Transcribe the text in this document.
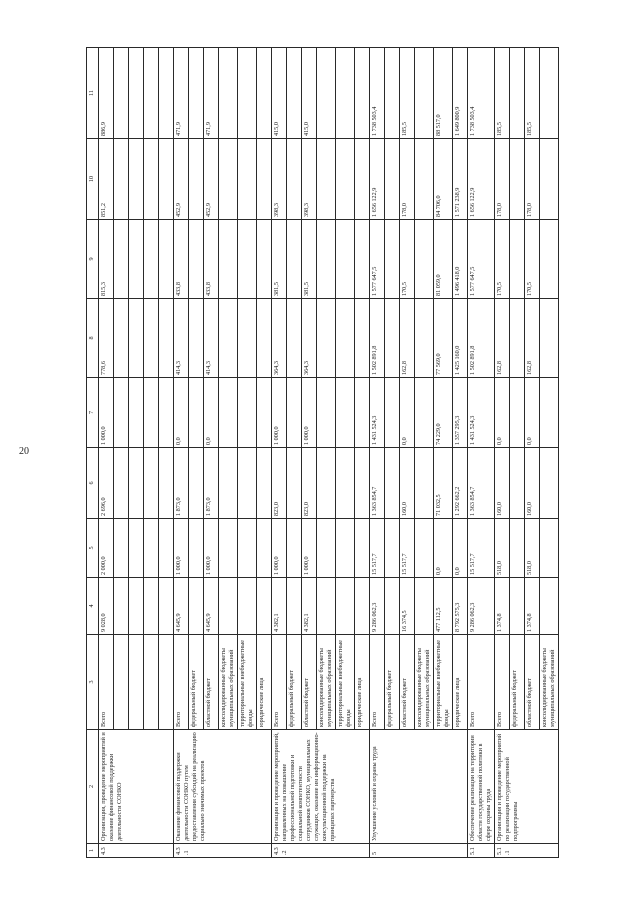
20
1	2	3	4	5	6	7	8	9	10	11
4.3	Организация, проведение мероприятий и оказание финансовой поддержки деятельности СОНКО	Всего	9 028,0	2 000,0	2 696,0	1 000,0	778,6	815,3	851,2	886,9

4.3.1	Оказание финансовой поддержки деятельности СОНКО путем предоставления субсидий на реализацию социально значимых проектов	Всего	4 645,9	1 000,0	1 873,0	0,0	414,3	433,8	452,9	471,9
		федеральный бюджет								
		областной бюджет	4 645,9	1 000,0	1 873,0	0,0	414,3	433,8	452,9	471,9
		консолидированные бюджеты муниципальных образований								
		территориальные внебюджетные фонды								
		юридические лица								
4.3.2	Организация и проведение мероприятий, направленных на повышение профессиональной подготовки и социальной компетентности сотрудников СОНКО, муниципальных служащих, оказание им информационно-консультационной поддержки на принципах партнерства	Всего	4 382,1	1 000,0	823,0	1 000,0	364,3	381,5	398,3	415,0
		федеральный бюджет								
		областной бюджет	4 382,1	1 000,0	823,0	1 000,0	364,3	381,5	398,3	415,0
		консолидированные бюджеты муниципальных образований								
		территориальные внебюджетные фонды								
		юридические лица								
5	Улучшение условий и охраны труда	Всего	9 286 062,3	15 517,7	1 363 854,7	1 431 524,3	1 502 891,8	1 577 647,5	1 656 122,9	1 738 503,4
		федеральный бюджет								
		областной бюджет	16 374,5	15 517,7	160,0	0,0	162,8	170,5	178,0	185,5
		консолидированные бюджеты муниципальных образований								
		территориальные внебюджетные фонды	477 112,5	0,0	71 032,5	74 229,0	77 569,0	81 059,0	84 706,0	88 517,0
		юридические лица	8 792 575,3	0,0	1 292 662,2	1 357 295,3	1 425 160,0	1 496 418,0	1 571 238,9	1 649 800,9
5.1	Обеспечение реализации на территории области государственной политики в сфере охраны труда	Всего	9 286 062,3	15 517,7	1 363 854,7	1 431 524,3	1 502 891,8	1 577 647,5	1 656 122,9	1 738 503,4
5.1.1	Организация и проведение мероприятий по реализации государственной подпрограммы	Всего	1 374,8	518,0	160,0	0,0	162,8	170,5	178,0	185,5
		федеральный бюджет								
		областной бюджет	1 374,8	518,0	160,0	0,0	162,8	170,5	178,0	185,5
		консолидированные бюджеты муниципальных образований								
